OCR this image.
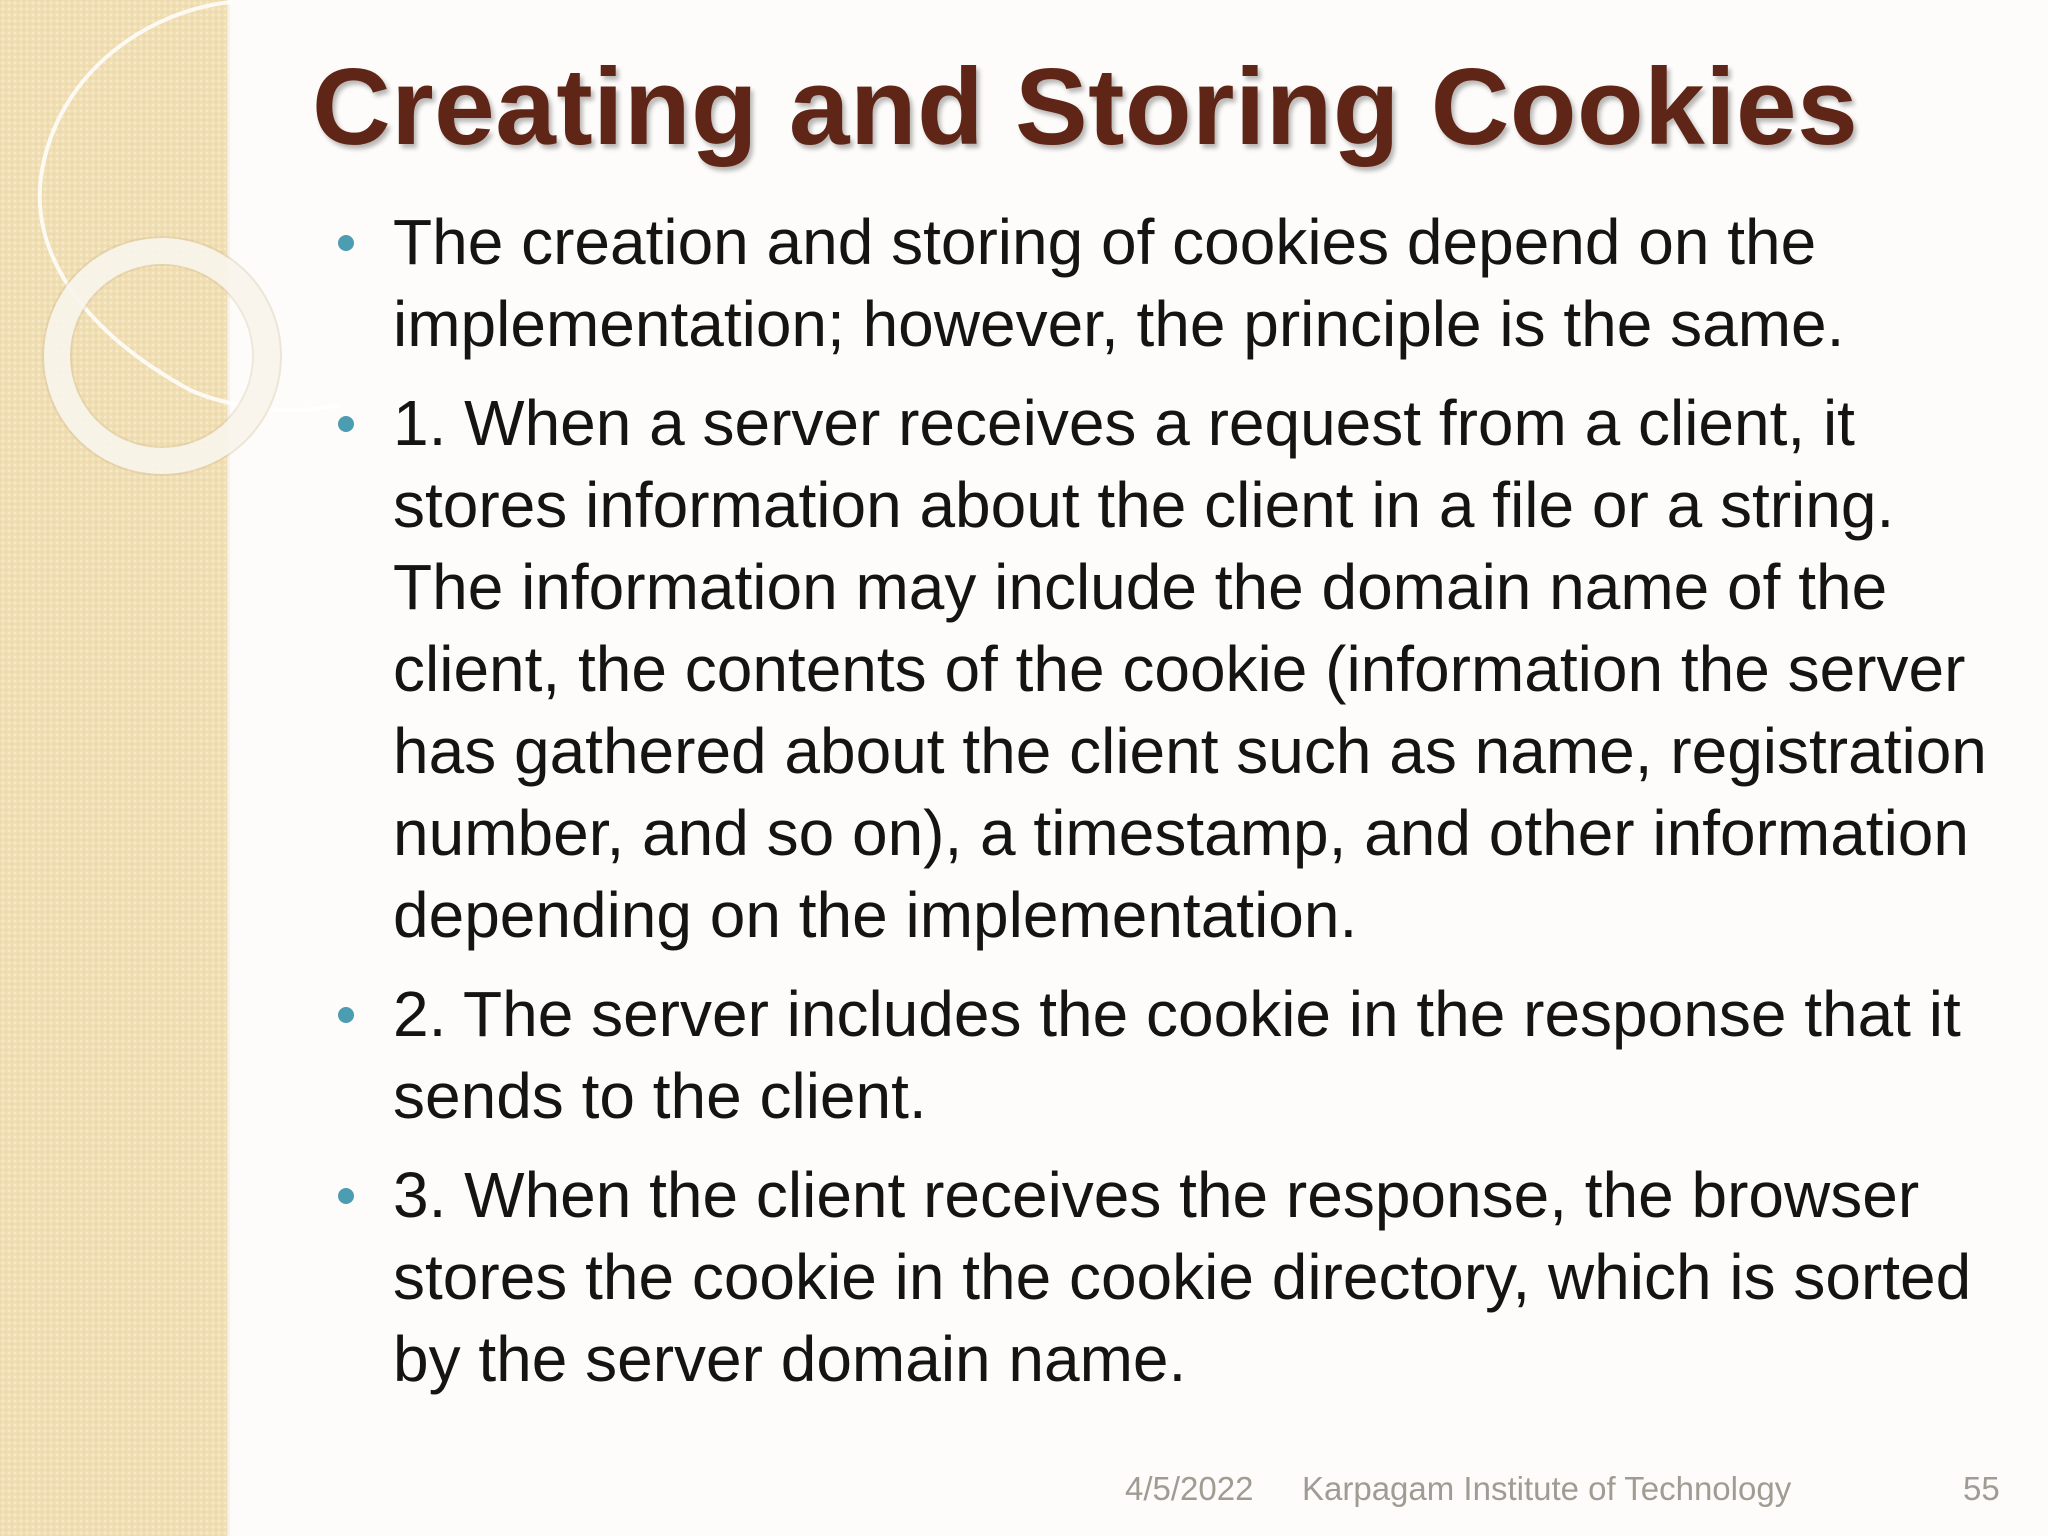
Creating and Storing Cookies
The creation and storing of cookies depend on the implementation; however, the principle is the same.
1. When a server receives a request from a client, it stores information about the client in a file or a string. The information may include the domain name of the client, the contents of the cookie (information the server has gathered about the client such as name, registration number, and so on), a timestamp, and other information depending on the implementation.
2. The server includes the cookie in the response that it sends to the client.
3. When the client receives the response, the browser stores the cookie in the cookie directory, which is sorted by the server domain name.
4/5/2022 Karpagam Institute of Technology	55
